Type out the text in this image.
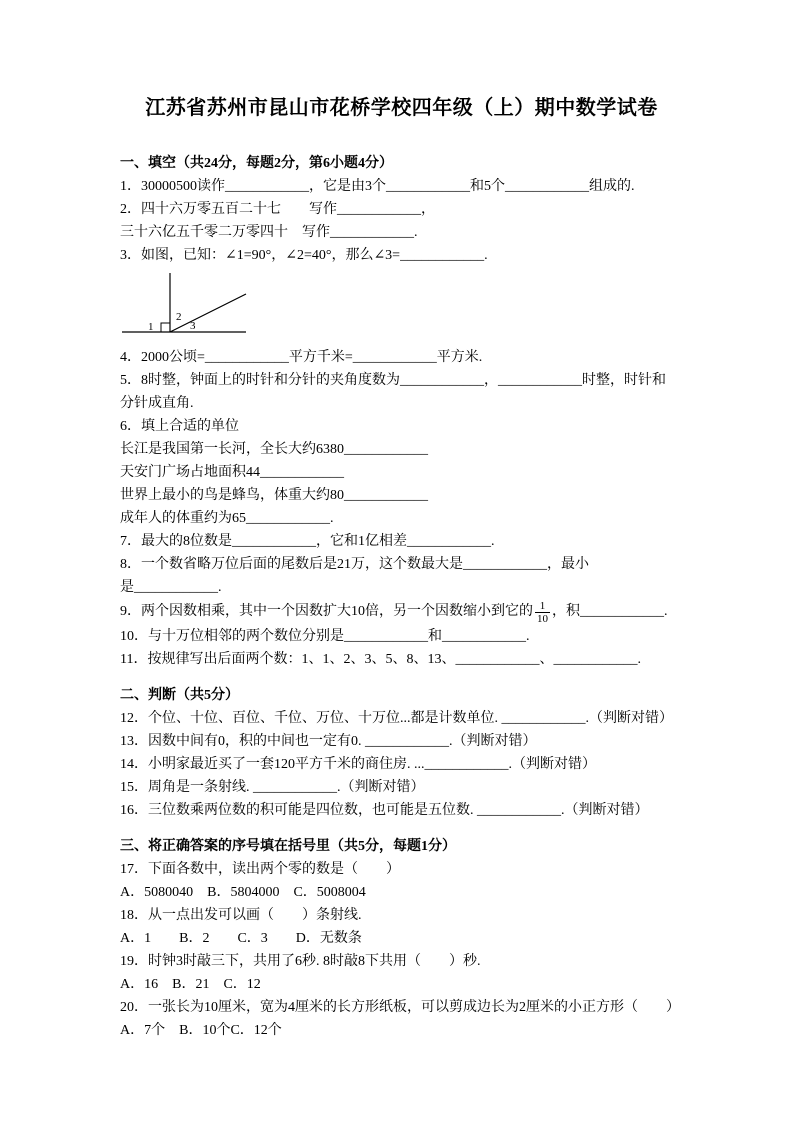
江苏省苏州市昆山市花桥学校四年级（上）期中数学试卷

一、填空（共24分，每题2分，第6小题4分）

1．30000500读作____________，它是由3个____________和5个____________组成的.

2．四十六万零五百二十七　　写作____________，

三十六亿五千零二万零四十　写作____________.

3．如图，已知：∠1=90°，∠2=40°，那么∠3=____________.

1
2
3

4．2000公顷=____________平方千米=____________平方米.

5．8时整，钟面上的时针和分针的夹角度数为____________，____________时整，时针和

分针成直角.

6．填上合适的单位

长江是我国第一长河，全长大约6380____________

天安门广场占地面积44____________

世界上最小的鸟是蜂鸟，体重大约80____________

成年人的体重约为65____________.

7．最大的8位数是____________，它和1亿相差____________.

8．一个数省略万位后面的尾数后是21万，这个数最大是____________，最小

是____________.

9．两个因数相乘，其中一个因数扩大10倍，另一个因数缩小到它的 $\frac{1}{10}$ ，积____________.

10．与十万位相邻的两个数位分别是____________和____________.

11．按规律写出后面两个数：1、1、2、3、5、8、13、____________、____________.

二、判断（共5分）

12．个位、十位、百位、千位、万位、十万位...都是计数单位. ____________.（判断对错）

13．因数中间有0，积的中间也一定有0. ____________.（判断对错）

14．小明家最近买了一套120平方千米的商住房. ...____________.（判断对错）

15．周角是一条射线. ____________.（判断对错）

16．三位数乘两位数的积可能是四位数，也可能是五位数. ____________.（判断对错）

三、将正确答案的序号填在括号里（共5分，每题1分）

17．下面各数中，读出两个零的数是（　　）

A．5080040　B．5804000　C．5008004

18．从一点出发可以画（　　）条射线.

A．1　　B．2　　C．3　　D．无数条

19．时钟3时敲三下，共用了6秒. 8时敲8下共用（　　）秒.

A．16　B．21　C．12

20．一张长为10厘米，宽为4厘米的长方形纸板，可以剪成边长为2厘米的小正方形（　　）

A．7个　B．10个C．12个
